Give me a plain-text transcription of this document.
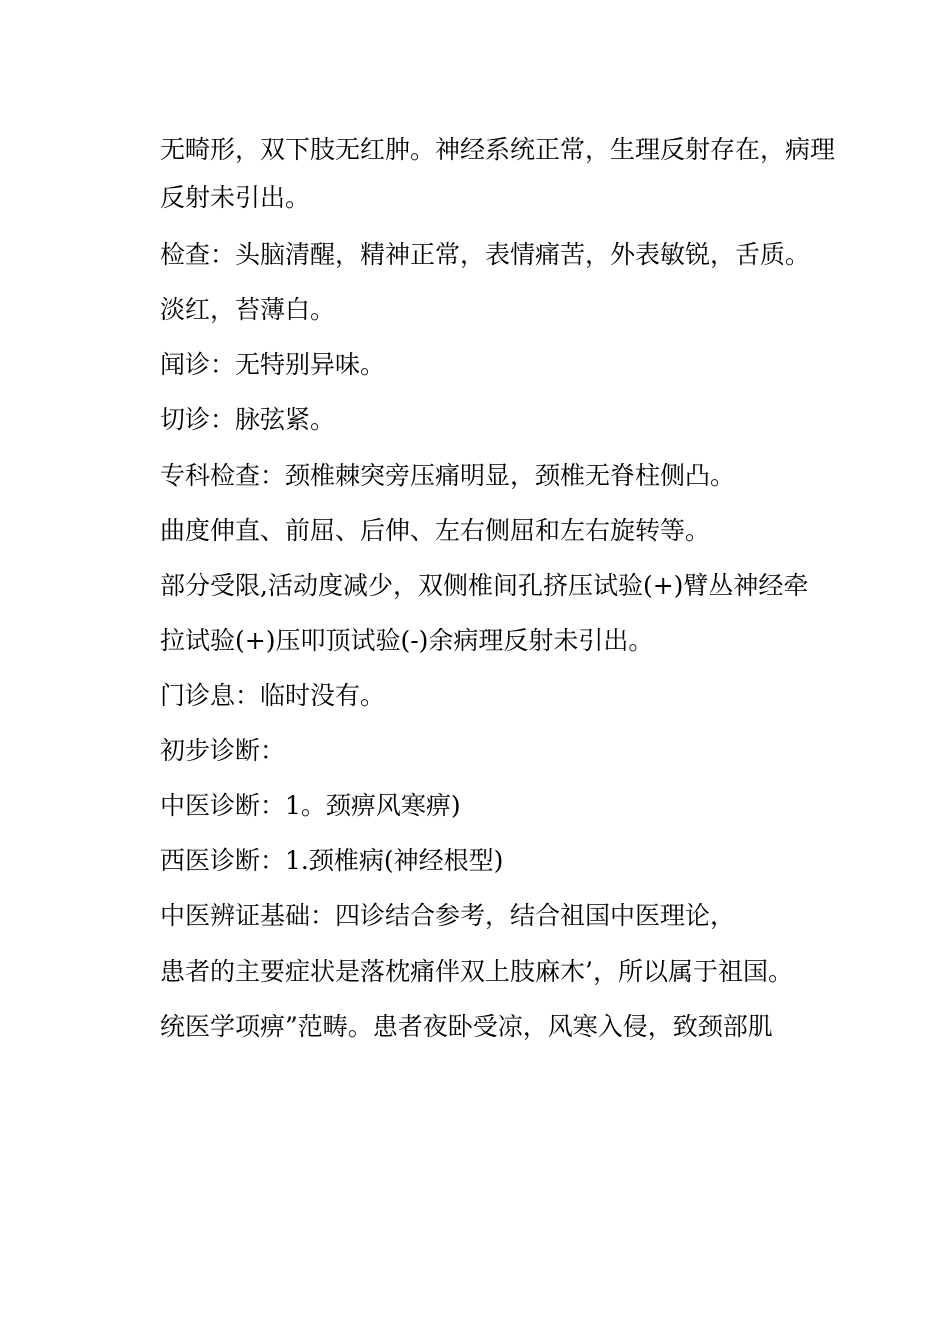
无畸形，双下肢无红肿。神经系统正常，生理反射存在，病理
反射未引出。
检查：头脑清醒，精神正常，表情痛苦，外表敏锐，舌质。
淡红，苔薄白。
闻诊：无特别异味。
切诊：脉弦紧。
专科检查：颈椎棘突旁压痛明显，颈椎无脊柱侧凸。
曲度伸直、前屈、后伸、左右侧屈和左右旋转等。
部分受限,活动度减少，双侧椎间孔挤压试验(+)臂丛神经牵
拉试验(+)压叩顶试验(-)余病理反射未引出。
门诊息：临时没有。
初步诊断：
中医诊断：1。颈痹风寒痹)
西医诊断：1.颈椎病(神经根型)
中医辨证基础：四诊结合参考，结合祖国中医理论，
患者的主要症状是落枕痛伴双上肢麻木’，所以属于祖国。
统医学项痹”范畴。患者夜卧受凉，风寒入侵，致颈部肌
